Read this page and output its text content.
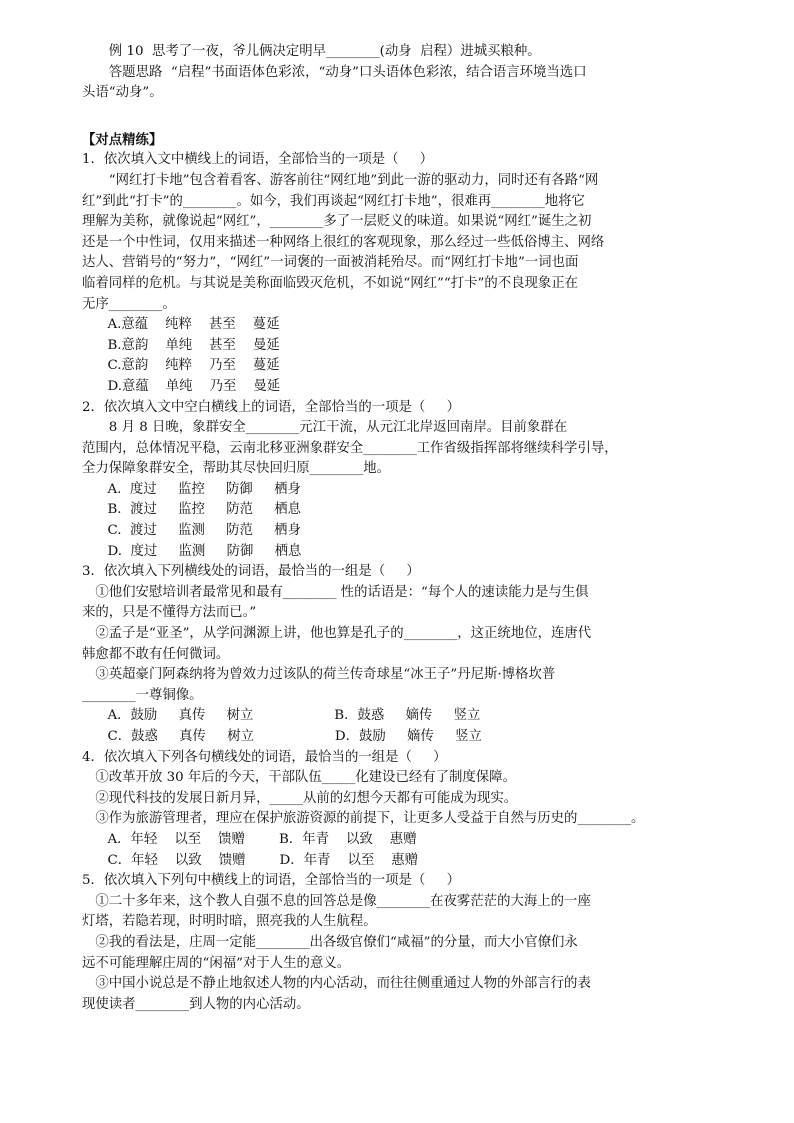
例 10  思考了一夜，爷儿俩决定明早________(动身  启程）进城买粮种。

答题思路  “启程”书面语体色彩浓，“动身”口头语体色彩浓，结合语言环境当选口

头语“动身”。

【对点精练】

1．依次填入文中横线上的词语，全部恰当的一项是（     ）

“网红打卡地”包含着看客、游客前往“网红地”到此一游的驱动力，同时还有各路“网

红”到此“打卡”的________。如今，我们再谈起“网红打卡地”，很难再________地将它

理解为美称，就像说起“网红”，________多了一层贬义的味道。如果说“网红”诞生之初

还是一个中性词，仅用来描述一种网络上很红的客观现象，那么经过一些低俗博主、网络

达人、营销号的“努力”，“网红”一词褒的一面被消耗殆尽。而“网红打卡地”一词也面

临着同样的危机。与其说是美称面临毁灭危机，不如说“网红”“打卡”的不良现象正在

无序________。

A.意蕴    纯粹    甚至    蔓延

B.意韵    单纯    甚至    曼延

C.意韵    纯粹    乃至    蔓延

D.意蕴    单纯    乃至    曼延

2．依次填入文中空白横线上的词语，全部恰当的一项是（     ）

8 月 8 日晚，象群安全________元江干流，从元江北岸返回南岸。目前象群在

范围内，总体情况平稳，云南北移亚洲象群安全________工作省级指挥部将继续科学引导，

全力保障象群安全，帮助其尽快回归原________地。

A.  度过     监控     防御     栖身

B.  渡过     监控     防范     栖息

C.  渡过     监测     防范     栖身

D.  度过     监测     防御     栖息

3．依次填入下列横线处的词语，最恰当的一组是（     ）

①他们安慰培训者最常见和最有________ 性的话语是：“每个人的速读能力是与生俱

来的，只是不懂得方法而已。”

②孟子是“亚圣”，从学问渊源上讲，他也算是孔子的________，这正统地位，连唐代

韩愈都不敢有任何微词。

③英超豪门阿森纳将为曾效力过该队的荷兰传奇球星“冰王子”丹尼斯·博格坎普

________一尊铜像。

A．鼓励     真传     树立                   B．鼓惑     嫡传     竖立

C．鼓惑     真传     树立                   D．鼓励     嫡传     竖立

4．依次填入下列各句横线处的词语，最恰当的一组是（     ）

①改革开放 30 年后的今天，干部队伍_____化建设已经有了制度保障。

②现代科技的发展日新月异，_____从前的幻想今天都有可能成为现实。

③作为旅游管理者，理应在保护旅游资源的前提下，让更多人受益于自然与历史的________。

A．年轻    以至    馈赠        B．年青    以致    惠赠

C．年轻    以致    馈赠        D．年青    以至    惠赠

5．依次填入下列句中横线上的词语，全部恰当的一项是（     ）

①二十多年来，这个教人自强不息的回答总是像________在夜雾茫茫的大海上的一座

灯塔，若隐若现，时明时暗，照亮我的人生航程。

②我的看法是，庄周一定能________出各级官僚们“咸福”的分量，而大小官僚们永

远不可能理解庄周的“闲福”对于人生的意义。

③中国小说总是不静止地叙述人物的内心活动，而往往侧重通过人物的外部言行的表

现使读者________到人物的内心活动。
